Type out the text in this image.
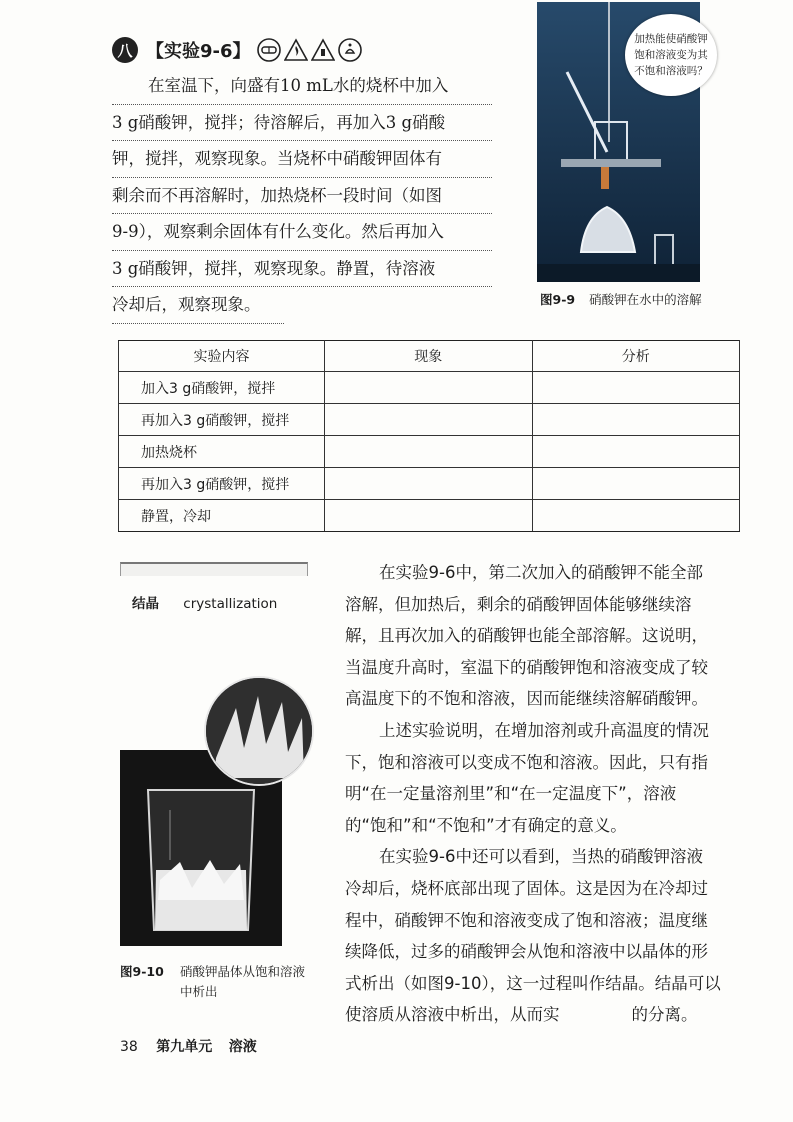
八 【实验9-6】
在室温下，向盛有10 mL水的烧杯中加入
3 g硝酸钾，搅拌；待溶解后，再加入3 g硝酸
钾，搅拌，观察现象。当烧杯中硝酸钾固体有
剩余而不再溶解时，加热烧杯一段时间（如图
9-9），观察剩余固体有什么变化。然后再加入
3 g硝酸钾，搅拌，观察现象。静置，待溶液
冷却后，观察现象。
加热能使硝酸钾
饱和溶液变为其
不饱和溶液吗？
图9-9 硝酸钾在水中的溶解
实验内容	现象	分析
加入3 g硝酸钾，搅拌		
再加入3 g硝酸钾，搅拌		
加热烧杯		
再加入3 g硝酸钾，搅拌		
静置，冷却		
结晶 crystallization
图9-10 硝酸钾晶体从饱和溶液
中析出
在实验9-6中，第二次加入的硝酸钾不能全部
溶解，但加热后，剩余的硝酸钾固体能够继续溶
解，且再次加入的硝酸钾也能全部溶解。这说明，
当温度升高时，室温下的硝酸钾饱和溶液变成了较
高温度下的不饱和溶液，因而能继续溶解硝酸钾。
上述实验说明，在增加溶剂或升高温度的情况
下，饱和溶液可以变成不饱和溶液。因此，只有指
明“在一定量溶剂里”和“在一定温度下”，溶液
的“饱和”和“不饱和”才有确定的意义。
在实验9-6中还可以看到，当热的硝酸钾溶液
冷却后，烧杯底部出现了固体。这是因为在冷却过
程中，硝酸钾不饱和溶液变成了饱和溶液；温度继
续降低，过多的硝酸钾会从饱和溶液中以晶体的形
式析出（如图9-10），这一过程叫作结晶。结晶可以
使溶质从溶液中析出，从而实	的分离。
38 第九单元 溶液
